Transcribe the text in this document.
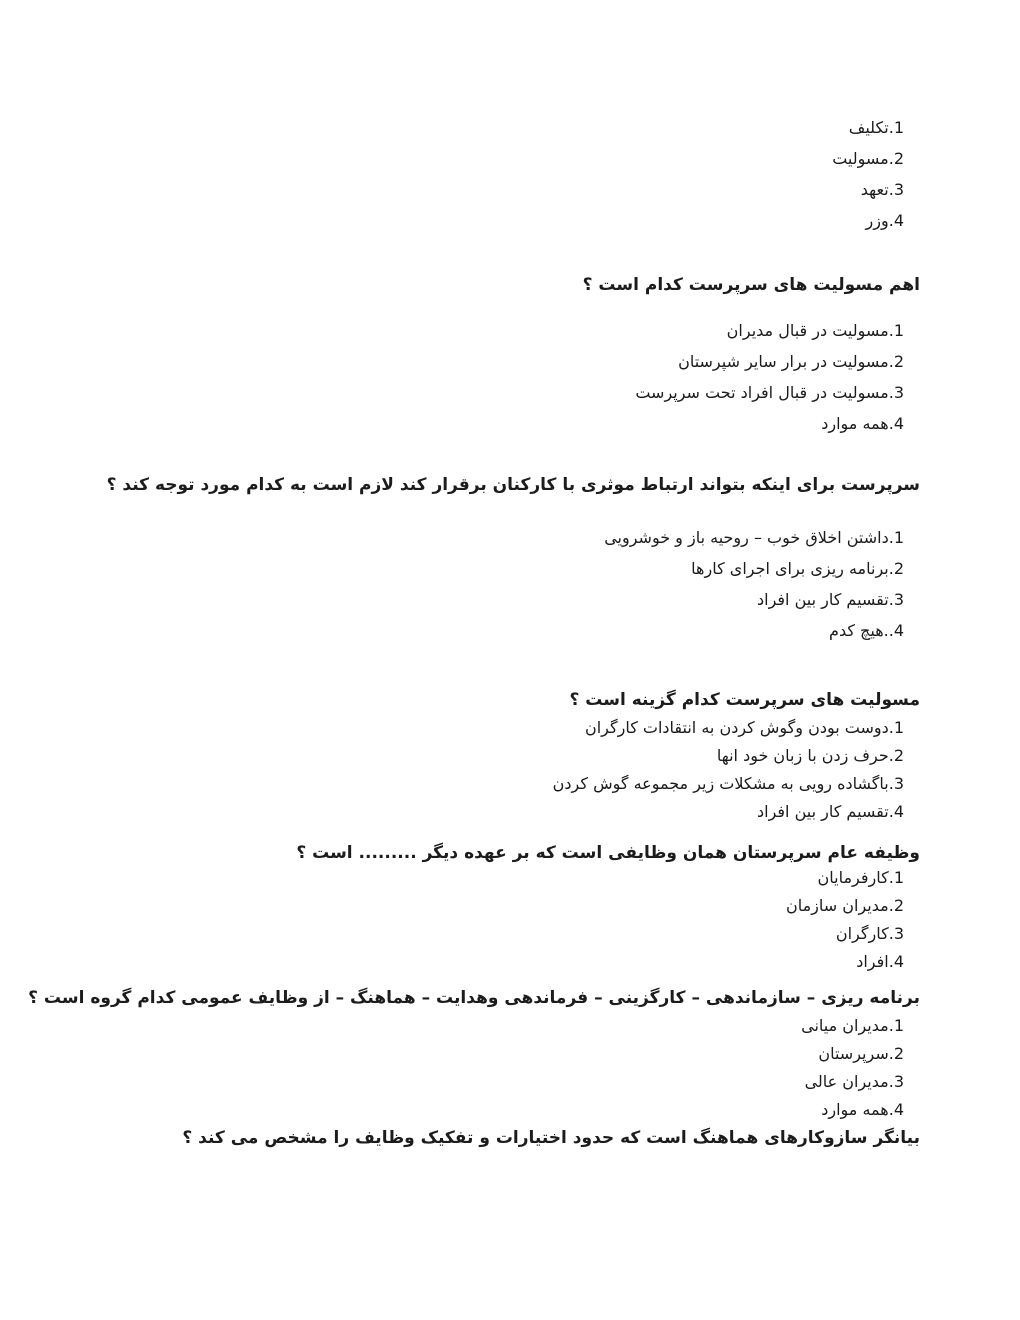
1.تکلیف
2.مسولیت
3.تعهد
4.وزر
اهم مسولیت های سرپرست کدام است ؟
1.مسولیت در قبال مدیران
2.مسولیت در برار سایر شپرستان
3.مسولیت در قبال افراد تحت سرپرست
4.همه موارد
سرپرست برای اینکه بتواند ارتباط موثری با کارکنان برقرار کند لازم است به کدام مورد توجه کند ؟
1.داشتن اخلاق خوب – روحیه باز و خوشرویی
2.برنامه ریزی برای اجرای کارها
3.تقسیم کار بین افراد
4..هیچ کدم
مسولیت های سرپرست کدام گزینه است ؟
1.دوست بودن وگوش کردن به انتقادات کارگران
2.حرف زدن با زبان خود انها
3.باگشاده رویی به مشکلات زیر مجموعه گوش کردن
4.تقسیم کار بین افراد
وظیفه عام سرپرستان همان وظایفی است که بر عهده دیگر ......... است ؟
1.کارفرمایان
2.مدیران سازمان
3.کارگران
4.افراد
برنامه ریزی – سازماندهی – کارگزینی – فرماندهی وهدایت – هماهنگ – از وظایف عمومی کدام گروه است ؟
1.مدیران میانی
2.سرپرستان
3.مدیران عالی
4.همه موارد
بیانگر سازوکارهای هماهنگ است که حدود اختیارات و تفکیک وظایف را مشخص می کند ؟
